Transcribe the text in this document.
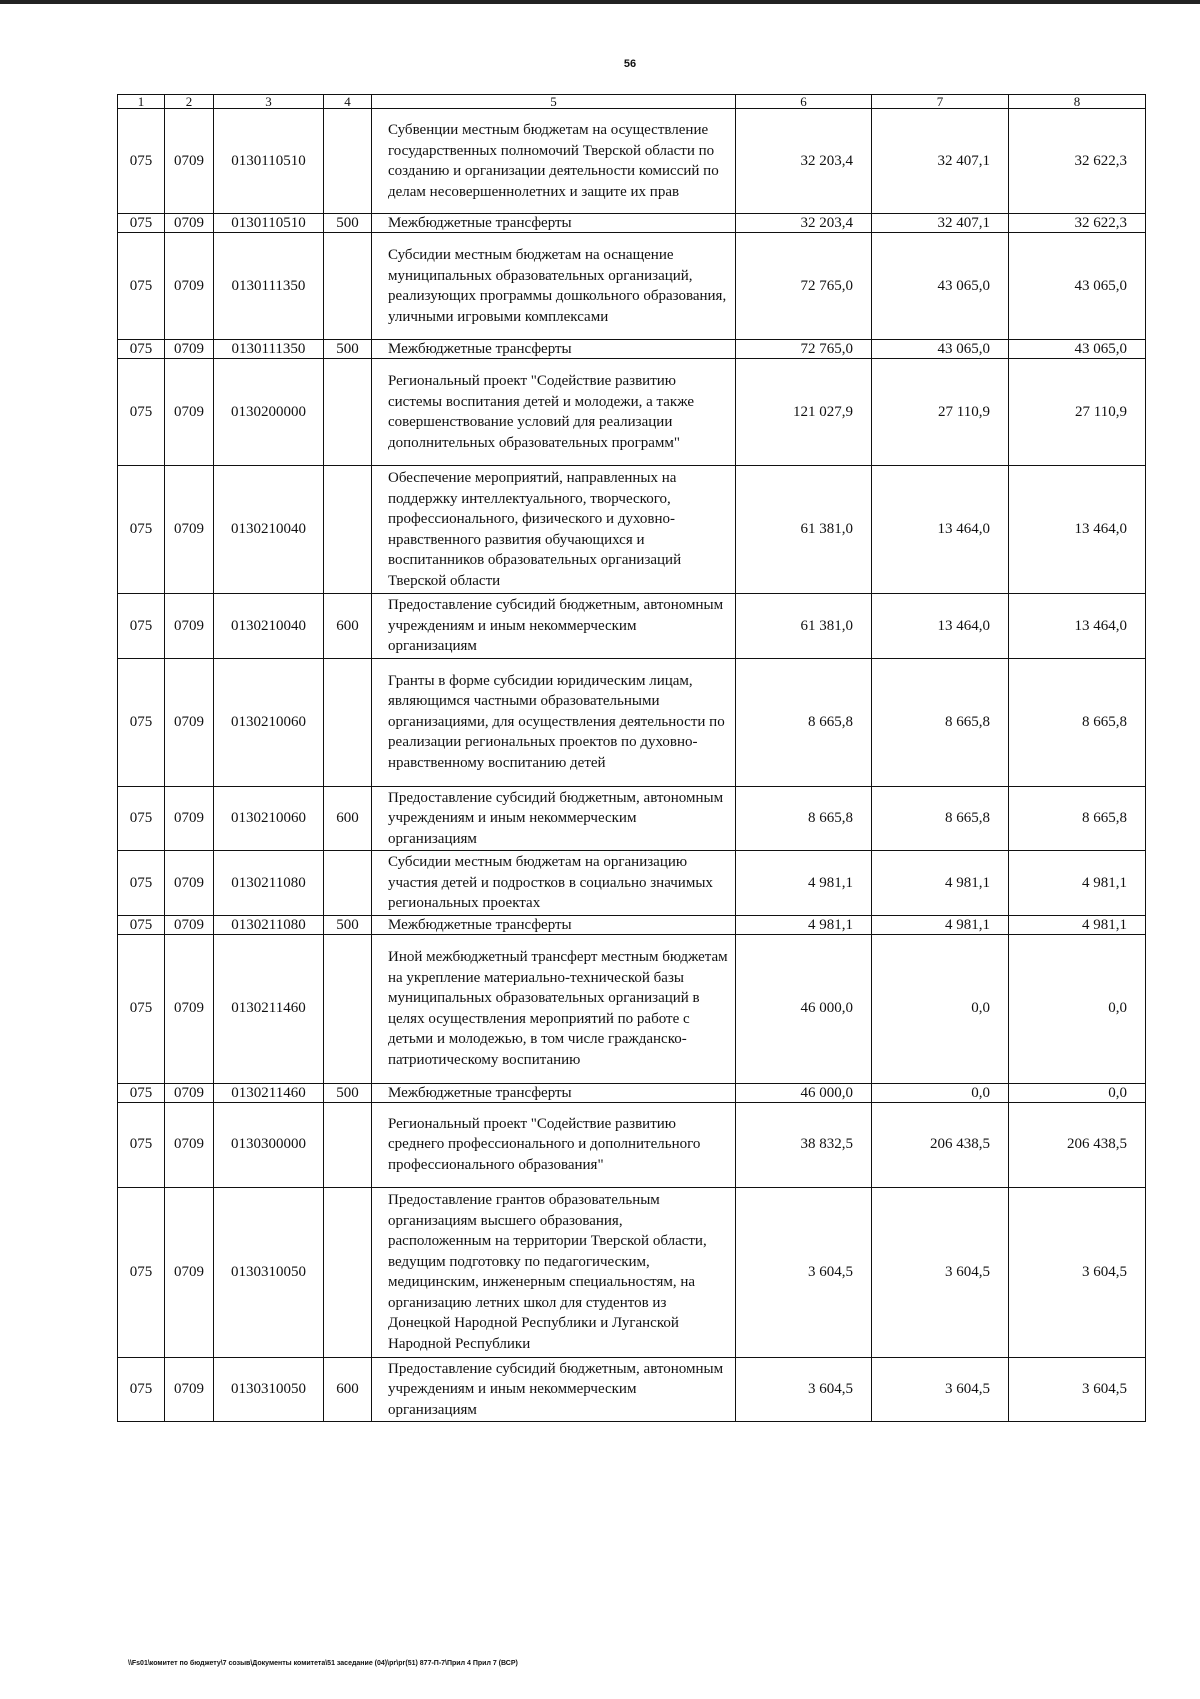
56
1	2	3	4	5	6	7	8
075	0709	0130110510		Субвенции местным бюджетам на осуществление государственных полномочий Тверской области по созданию и организации деятельности комиссий по делам несовершеннолетних и защите их прав	32 203,4	32 407,1	32 622,3
075	0709	0130110510	500	Межбюджетные трансферты	32 203,4	32 407,1	32 622,3
075	0709	0130111350		Субсидии местным бюджетам на оснащение муниципальных образовательных организаций, реализующих программы дошкольного образования, уличными игровыми комплексами	72 765,0	43 065,0	43 065,0
075	0709	0130111350	500	Межбюджетные трансферты	72 765,0	43 065,0	43 065,0
075	0709	0130200000		Региональный проект "Содействие развитию системы воспитания детей и молодежи, а также совершенствование условий для реализации дополнительных образовательных программ"	121 027,9	27 110,9	27 110,9
075	0709	0130210040		Обеспечение мероприятий, направленных на поддержку интеллектуального, творческого, профессионального, физического и духовно-нравственного развития обучающихся и воспитанников образовательных организаций Тверской области	61 381,0	13 464,0	13 464,0
075	0709	0130210040	600	Предоставление субсидий бюджетным, автономным учреждениям и иным некоммерческим организациям	61 381,0	13 464,0	13 464,0
075	0709	0130210060		Гранты в форме субсидии юридическим лицам, являющимся частными образовательными организациями, для осуществления деятельности по реализации региональных проектов по духовно-нравственному воспитанию детей	8 665,8	8 665,8	8 665,8
075	0709	0130210060	600	Предоставление субсидий бюджетным, автономным учреждениям и иным некоммерческим организациям	8 665,8	8 665,8	8 665,8
075	0709	0130211080		Субсидии местным бюджетам на организацию участия детей и подростков в социально значимых региональных проектах	4 981,1	4 981,1	4 981,1
075	0709	0130211080	500	Межбюджетные трансферты	4 981,1	4 981,1	4 981,1
075	0709	0130211460		Иной межбюджетный трансферт местным бюджетам на укрепление материально-технической базы муниципальных образовательных организаций в целях осуществления мероприятий по работе с детьми и молодежью, в том числе гражданско-патриотическому воспитанию	46 000,0	0,0	0,0
075	0709	0130211460	500	Межбюджетные трансферты	46 000,0	0,0	0,0
075	0709	0130300000		Региональный проект "Содействие развитию среднего профессионального и дополнительного профессионального образования"	38 832,5	206 438,5	206 438,5
075	0709	0130310050		Предоставление грантов образовательным организациям высшего образования, расположенным на территории Тверской области, ведущим подготовку по педагогическим, медицинским, инженерным специальностям, на организацию летних школ для студентов из Донецкой Народной Республики и Луганской Народной Республики	3 604,5	3 604,5	3 604,5
075	0709	0130310050	600	Предоставление субсидий бюджетным, автономным учреждениям и иным некоммерческим организациям	3 604,5	3 604,5	3 604,5
\\Fs01\комитет по бюджету\7 созыв\Документы комитета\51 заседание (04)\рг\рг(51) 877-П-7\Прил 4 Прил 7 (ВСР)
